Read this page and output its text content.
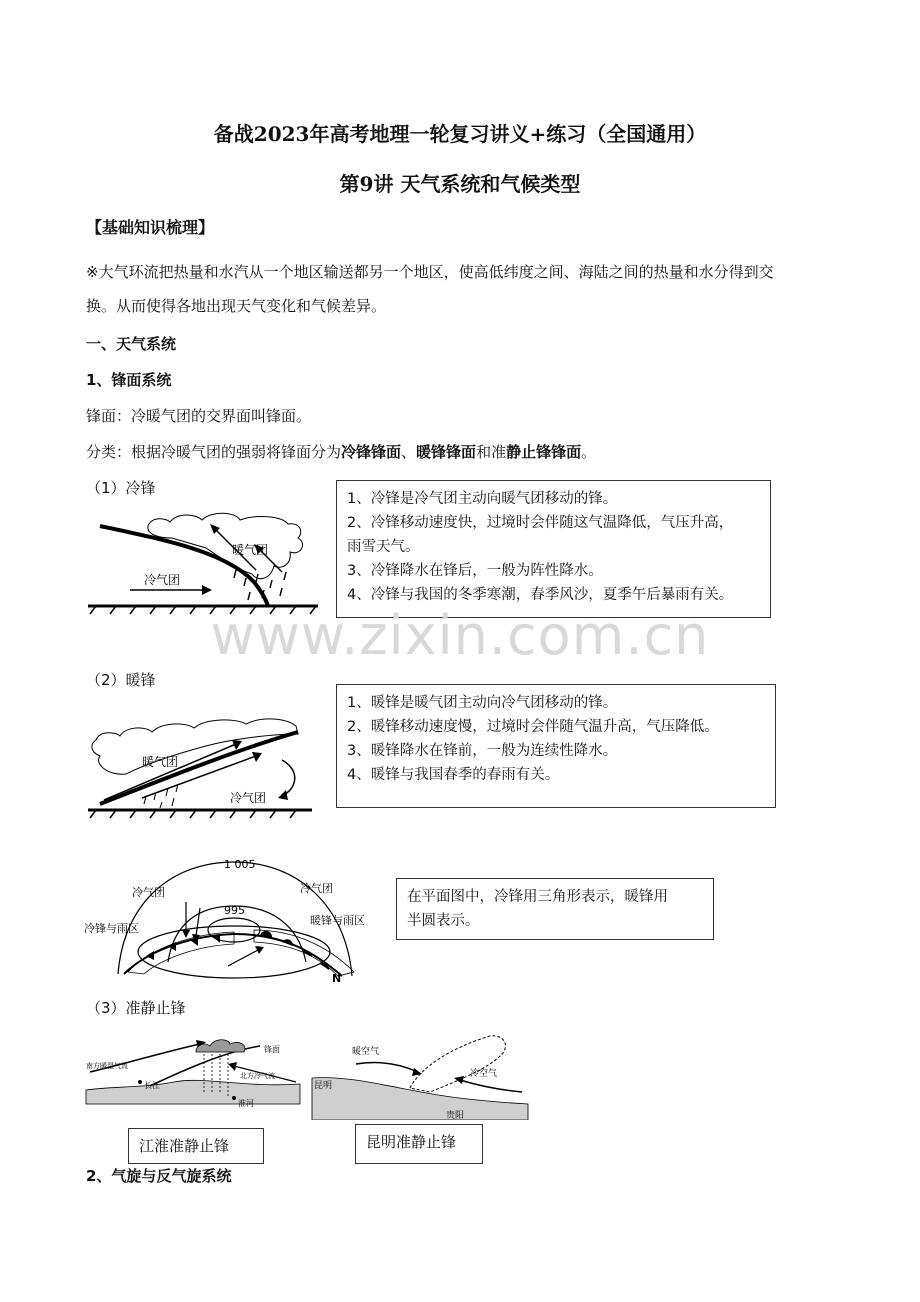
备战2023年高考地理一轮复习讲义+练习（全国通用）
第9讲 天气系统和气候类型
【基础知识梳理】
※大气环流把热量和水汽从一个地区输送都另一个地区，使高低纬度之间、海陆之间的热量和水分得到交
换。从而使得各地出现天气变化和气候差异。
一、天气系统
1、锋面系统
锋面：冷暖气团的交界面叫锋面。
分类：根据冷暖气团的强弱将锋面分为冷锋锋面、暖锋锋面和准静止锋锋面。
（1）冷锋
暖气团
冷气团
1、冷锋是冷气团主动向暖气团移动的锋。
2、冷锋移动速度快，过境时会伴随这气温降低，气压升高，
雨雪天气。
3、冷锋降水在锋后，一般为阵性降水。
4、冷锋与我国的冬季寒潮，春季风沙，夏季午后暴雨有关。
www.zixin.com.cn
（2）暖锋
暖气团
冷气团
1、暖锋是暖气团主动向冷气团移动的锋。
2、暖锋移动速度慢，过境时会伴随气温升高，气压降低。
3、暖锋降水在锋前，一般为连续性降水。
4、暖锋与我国春季的春雨有关。
1 005
995
冷气团	冷气团
冷锋与雨区
暖锋与雨区
N
在平面图中，冷锋用三角形表示，暖锋用
半圆表示。
（3）准静止锋
南方暖湿气流
锋面
北方冷气流
长江
淮河
暖空气
冷空气
昆明
贵阳
江淮准静止锋	昆明准静止锋
2、气旋与反气旋系统
